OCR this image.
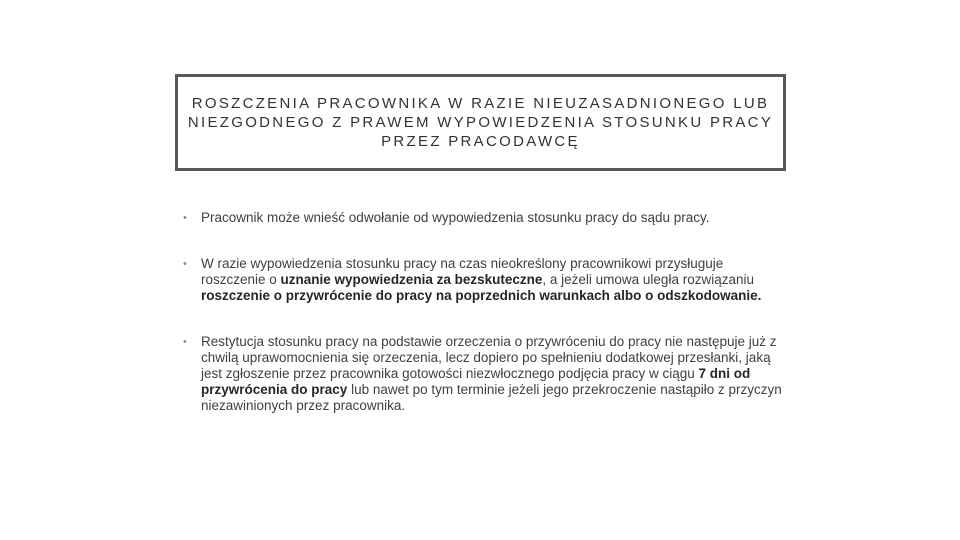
ROSZCZENIA PRACOWNIKA W RAZIE NIEUZASADNIONEGO LUB NIEZGODNEGO Z PRAWEM WYPOWIEDZENIA STOSUNKU PRACY PRZEZ PRACODAWCĘ
• Pracownik może wnieść odwołanie od wypowiedzenia stosunku pracy do sądu pracy.
• W razie wypowiedzenia stosunku pracy na czas nieokreślony pracownikowi przysługuje roszczenie o uznanie wypowiedzenia za bezskuteczne, a jeżeli umowa uległa rozwiązaniu roszczenie o przywrócenie do pracy na poprzednich warunkach albo o odszkodowanie.
• Restytucja stosunku pracy na podstawie orzeczenia o przywróceniu do pracy nie następuje już z chwilą uprawomocnienia się orzeczenia, lecz dopiero po spełnieniu dodatkowej przesłanki, jaką jest zgłoszenie przez pracownika gotowości niezwłocznego podjęcia pracy w ciągu 7 dni od przywrócenia do pracy lub nawet po tym terminie jeżeli jego przekroczenie nastąpiło z przyczyn niezawinionych przez pracownika.
